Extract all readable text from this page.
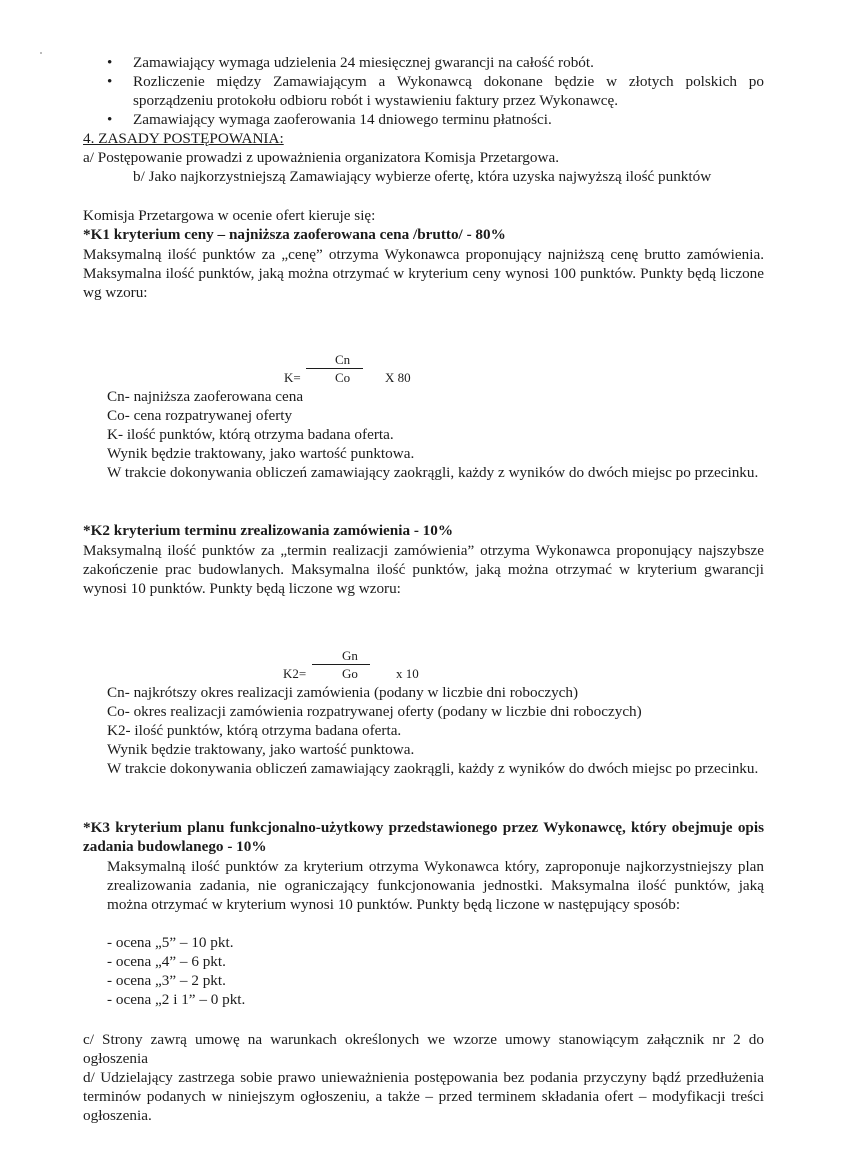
• Zamawiający wymaga udzielenia 24 miesięcznej gwarancji na całość robót.
• Rozliczenie między Zamawiającym a Wykonawcą dokonane będzie w złotych polskich po sporządzeniu protokołu odbioru robót i wystawieniu faktury przez Wykonawcę.
• Zamawiający wymaga zaoferowania 14 dniowego terminu płatności.
4. ZASADY POSTĘPOWANIA:
a/ Postępowanie prowadzi z upoważnienia organizatora Komisja Przetargowa.
b/ Jako najkorzystniejszą Zamawiający wybierze ofertę, która uzyska najwyższą ilość punktów
Komisja Przetargowa w ocenie ofert kieruje się:
*K1 kryterium ceny – najniższa zaoferowana cena /brutto/ - 80%
Maksymalną ilość punktów za „cenę” otrzyma Wykonawca proponujący najniższą cenę brutto zamówienia. Maksymalna ilość punktów, jaką można otrzymać w kryterium ceny wynosi 100 punktów. Punkty będą liczone wg wzoru:
K=
Cn
Co	X 80
Cn- najniższa zaoferowana cena
Co- cena rozpatrywanej oferty
K- ilość punktów, którą otrzyma badana oferta.
Wynik będzie traktowany, jako wartość punktowa.
W trakcie dokonywania obliczeń zamawiający zaokrągli, każdy z wyników do dwóch miejsc po przecinku.
*K2 kryterium terminu zrealizowania zamówienia - 10%
Maksymalną ilość punktów za „termin realizacji zamówienia” otrzyma Wykonawca proponujący najszybsze zakończenie prac budowlanych. Maksymalna ilość punktów, jaką można otrzymać w kryterium gwarancji wynosi 10 punktów. Punkty będą liczone wg wzoru:
K2=
Gn
Go	x 10
Cn- najkrótszy okres realizacji zamówienia (podany w liczbie dni roboczych)
Co- okres realizacji zamówienia rozpatrywanej oferty (podany w liczbie dni roboczych)
K2- ilość punktów, którą otrzyma badana oferta.
Wynik będzie traktowany, jako wartość punktowa.
W trakcie dokonywania obliczeń zamawiający zaokrągli, każdy z wyników do dwóch miejsc po przecinku.
*K3 kryterium planu funkcjonalno-użytkowy przedstawionego przez Wykonawcę, który obejmuje opis zadania budowlanego - 10%
Maksymalną ilość punktów za kryterium otrzyma Wykonawca który, zaproponuje najkorzystniejszy plan zrealizowania zadania, nie ograniczający funkcjonowania jednostki. Maksymalna ilość punktów, jaką można otrzymać w kryterium wynosi 10 punktów. Punkty będą liczone w następujący sposób:
- ocena „5” – 10 pkt.
- ocena „4” – 6 pkt.
- ocena „3” – 2 pkt.
- ocena „2 i 1” – 0 pkt.
c/ Strony zawrą umowę na warunkach określonych we wzorze umowy stanowiącym załącznik nr 2 do ogłoszenia
d/ Udzielający zastrzega sobie prawo unieważnienia postępowania bez podania przyczyny bądź przedłużenia terminów podanych w niniejszym ogłoszeniu, a także – przed terminem składania ofert – modyfikacji treści ogłoszenia.
